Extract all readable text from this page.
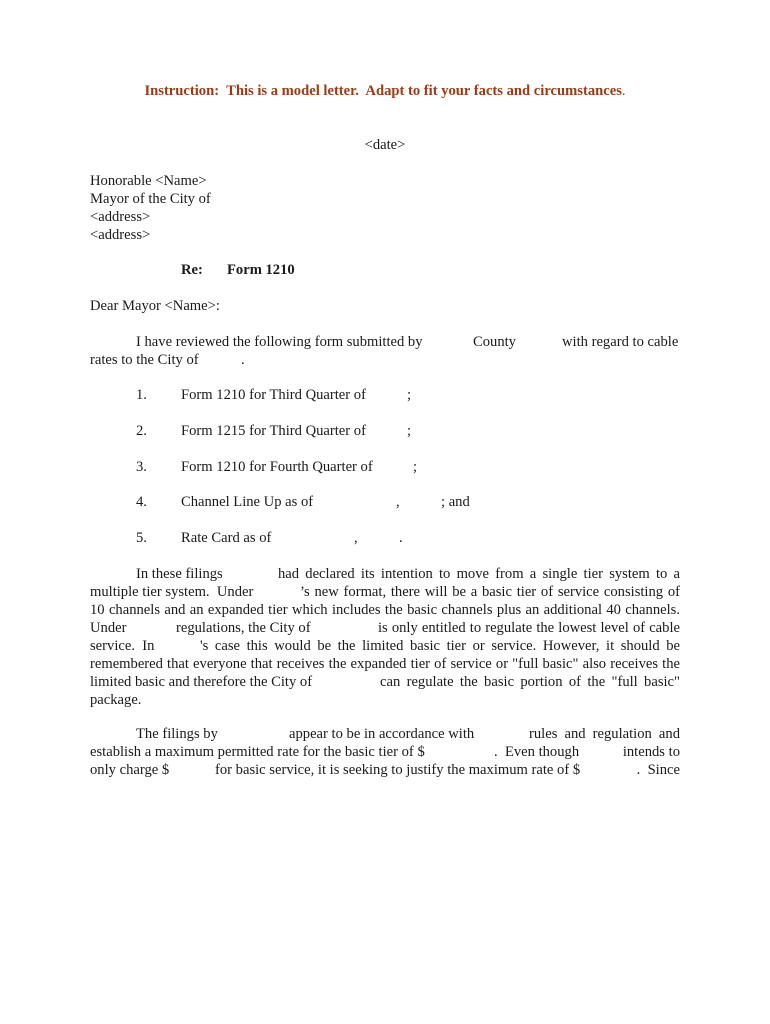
Instruction:  This is a model letter.  Adapt to fit your facts and circumstances.
<date>
Honorable <Name>
Mayor of the City of
<address>
<address>
Re: Form 1210
Dear Mayor <Name>:
I have reviewed the following form submitted by	County	with regard to cable
rates to the City of	.
1. Form 1210 for Third Quarter of	;
2. Form 1215 for Third Quarter of	;
3. Form 1210 for Fourth Quarter of	;
4. Channel Line Up as of	,	; and
5. Rate Card as of	,	.
In these filings	had declared its intention to move from a single tier system to a
multiple tier system.  Under	’s new format, there will be a basic tier of service consisting of
10 channels and an expanded tier which includes the basic channels plus an additional 40 channels.
Under	regulations, the City of	is only entitled to regulate the lowest level of cable
service.  In	's case this would be the limited basic tier or service. However, it should be
remembered that everyone that receives the expanded tier of service or "full basic" also receives the
limited basic and therefore the City of	can regulate the basic portion of the "full basic"
package.
The filings by	appear to be in accordance with	rules and regulation and
establish a maximum permitted rate for the basic tier of $	.  Even though	intends to
only charge $	for basic service, it is seeking to justify the maximum rate of $	.  Since
